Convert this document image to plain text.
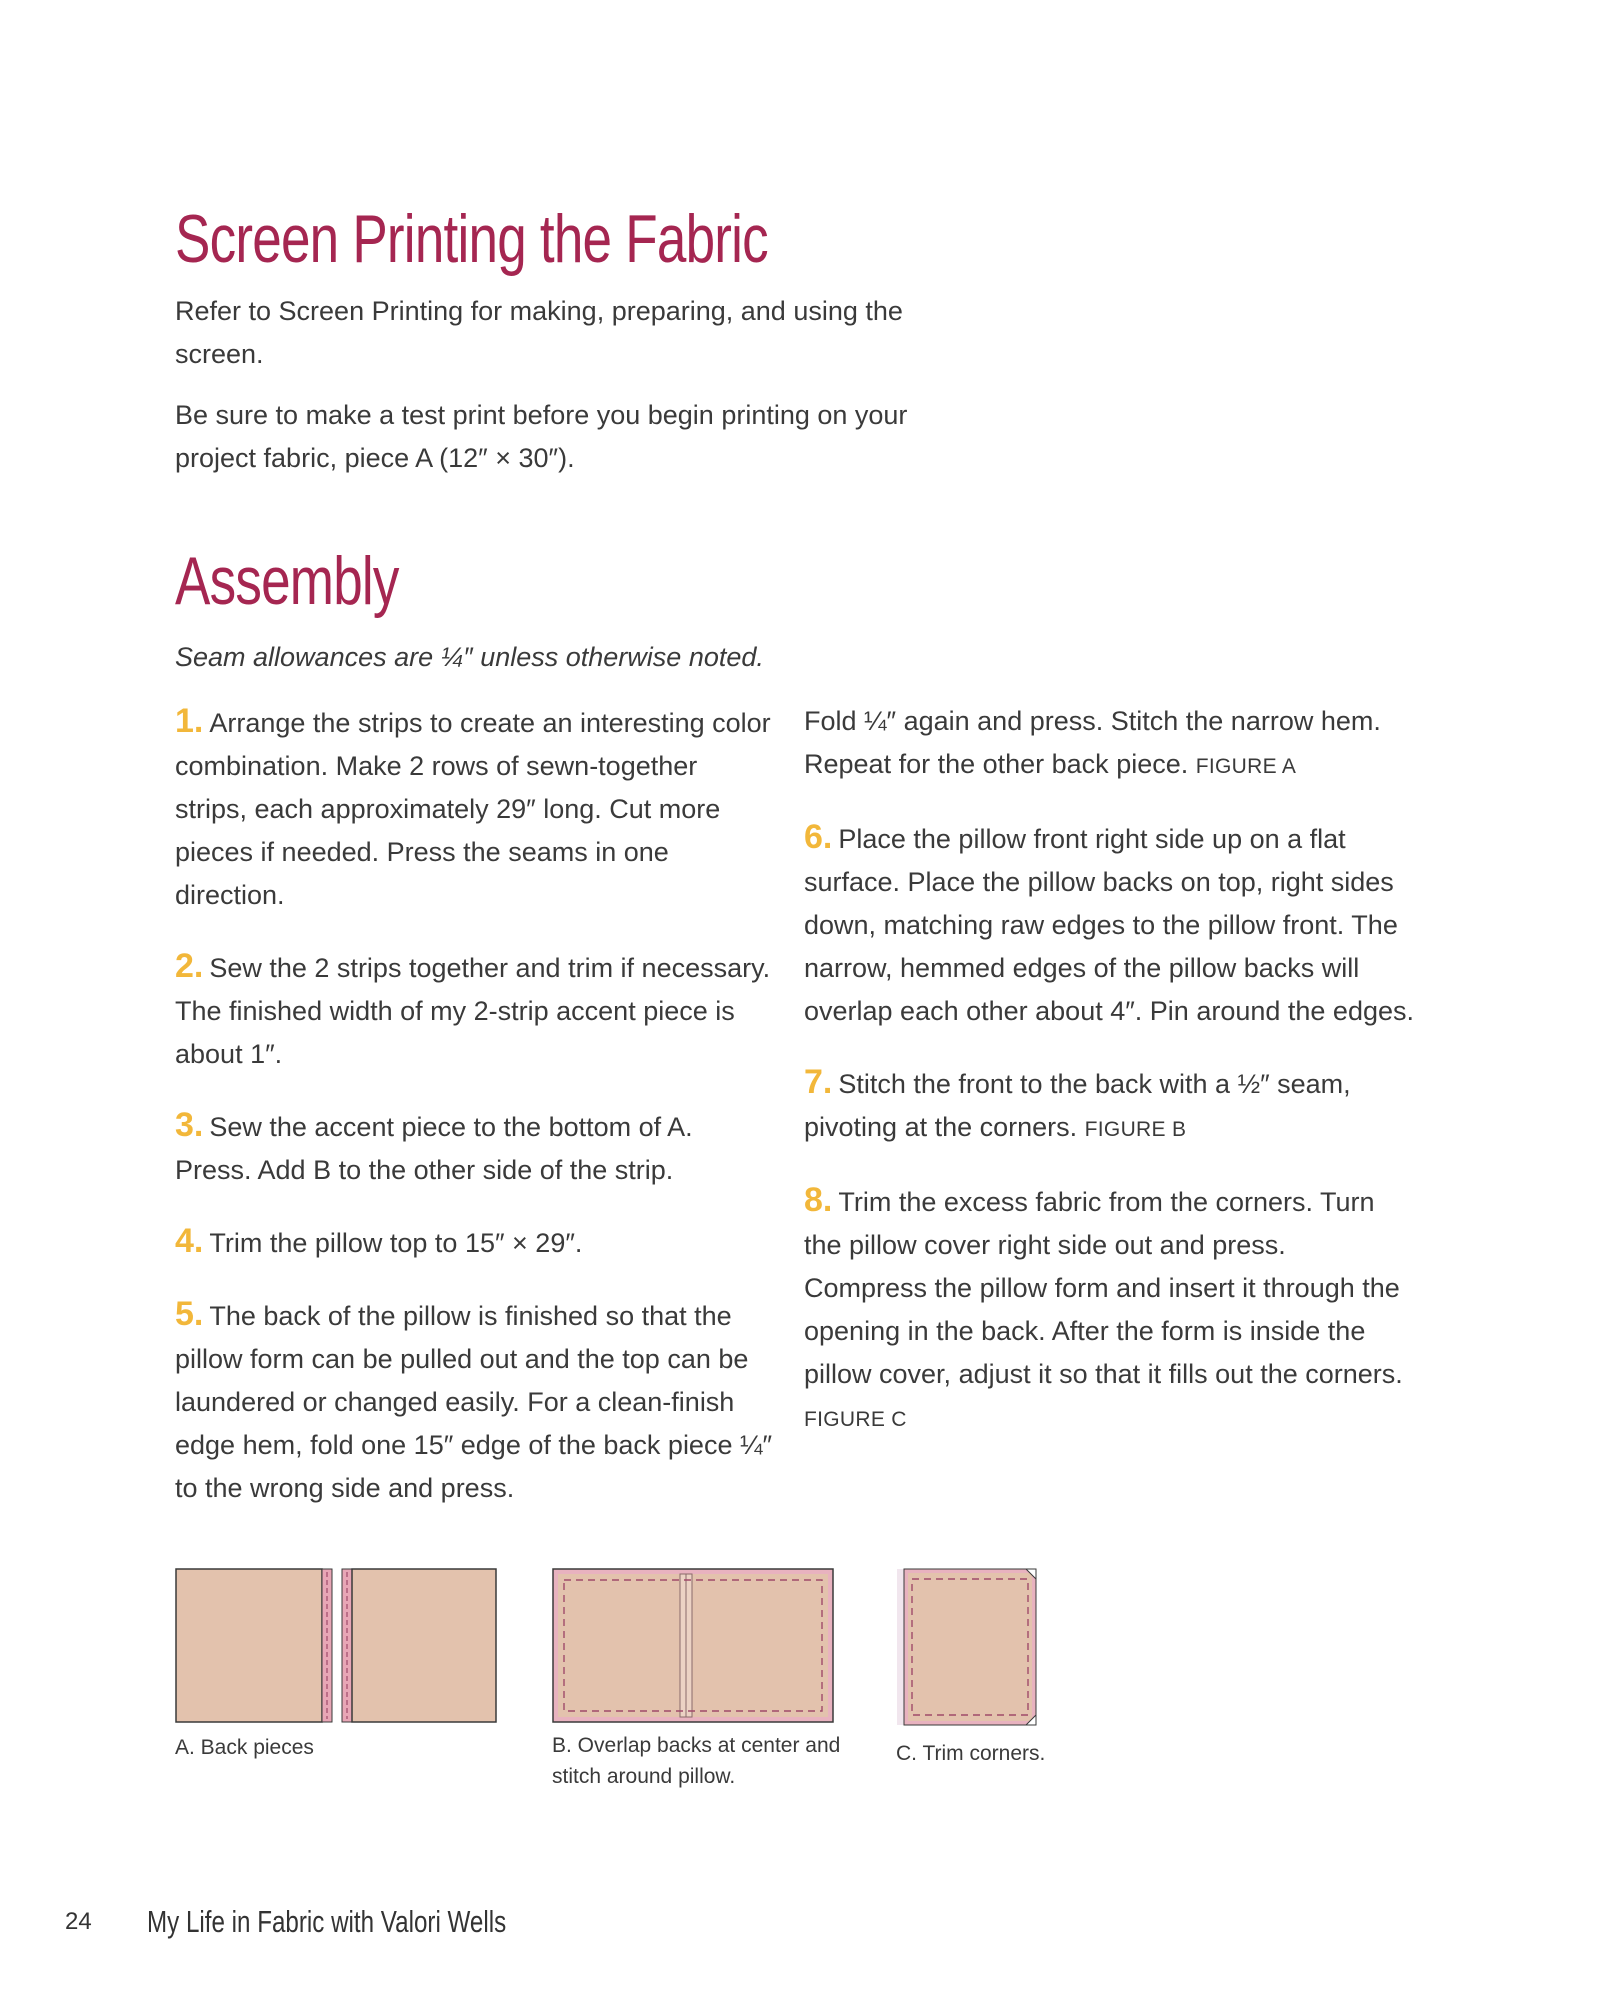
Screen Printing the Fabric

Refer to Screen Printing for making, preparing, and using the screen.

Be sure to make a test print before you begin printing on your project fabric, piece A (12″ × 30″).

Assembly

Seam allowances are ¼″ unless otherwise noted.

1. Arrange the strips to create an interesting color combination. Make 2 rows of sewn-together strips, each approximately 29″ long. Cut more pieces if needed. Press the seams in one direction.

2. Sew the 2 strips together and trim if necessary. The finished width of my 2-strip accent piece is about 1″.

3. Sew the accent piece to the bottom of A. Press. Add B to the other side of the strip.

4. Trim the pillow top to 15″ × 29″.

5. The back of the pillow is finished so that the pillow form can be pulled out and the top can be laundered or changed easily. For a clean-finish edge hem, fold one 15″ edge of the back piece ¼″ to the wrong side and press.

Fold ¼″ again and press. Stitch the narrow hem. Repeat for the other back piece. FIGURE A

6. Place the pillow front right side up on a flat surface. Place the pillow backs on top, right sides down, matching raw edges to the pillow front. The narrow, hemmed edges of the pillow backs will overlap each other about 4″. Pin around the edges.

7. Stitch the front to the back with a ½″ seam, pivoting at the corners. FIGURE B

8. Trim the excess fabric from the corners. Turn the pillow cover right side out and press. Compress the pillow form and insert it through the opening in the back. After the form is inside the pillow cover, adjust it so that it fills out the corners. FIGURE C

A. Back pieces	B. Overlap backs at center and stitch around pillow.

C. Trim corners.

24 My Life in Fabric with Valori Wells
